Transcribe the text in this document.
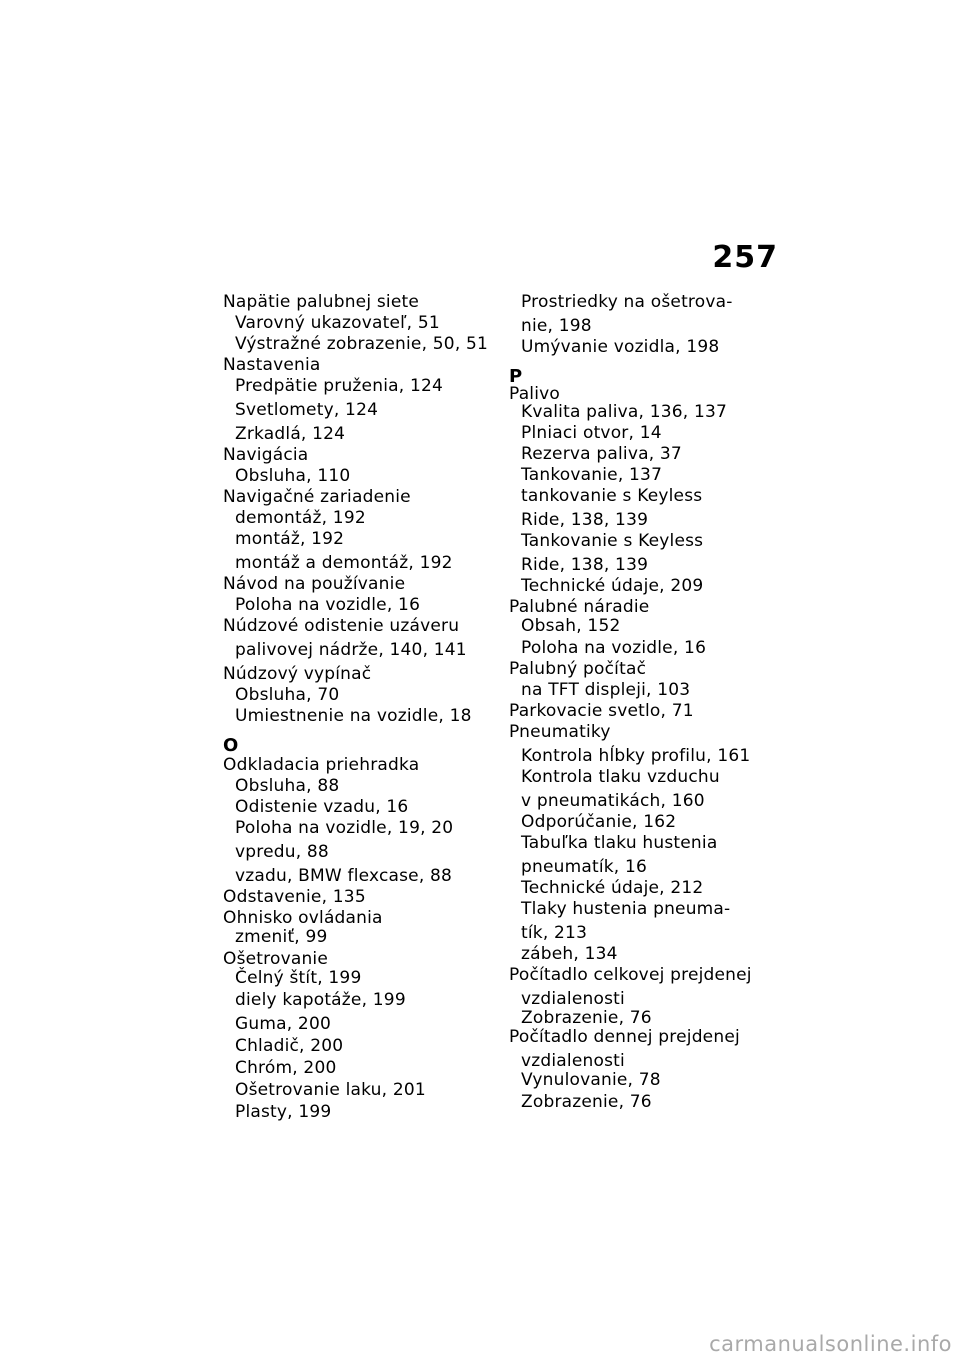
257
Napätie palubnej siete
Varovný ukazovateľ, 51
Výstražné zobrazenie, 50, 51
Nastavenia
Predpätie pruženia, 124
Svetlomety, 124
Zrkadlá, 124
Navigácia
Obsluha, 110
Navigačné zariadenie
demontáž, 192
montáž, 192
montáž a demontáž, 192
Návod na používanie
Poloha na vozidle, 16
Núdzové odistenie uzáveru
palivovej nádrže, 140, 141
Núdzový vypínač
Obsluha, 70
Umiestnenie na vozidle, 18
O
Odkladacia priehradka
Obsluha, 88
Odistenie vzadu, 16
Poloha na vozidle, 19, 20
vpredu, 88
vzadu, BMW flexcase, 88
Odstavenie, 135
Ohnisko ovládania
zmeniť, 99
Ošetrovanie
Čelný štít, 199
diely kapotáže, 199
Guma, 200
Chladič, 200
Chróm, 200
Ošetrovanie laku, 201
Plasty, 199
Prostriedky na ošetrova-
nie, 198
Umývanie vozidla, 198
P
Palivo
Kvalita paliva, 136, 137
Plniaci otvor, 14
Rezerva paliva, 37
Tankovanie, 137
tankovanie s Keyless
Ride, 138, 139
Tankovanie s Keyless
Ride, 138, 139
Technické údaje, 209
Palubné náradie
Obsah, 152
Poloha na vozidle, 16
Palubný počítač
na TFT displeji, 103
Parkovacie svetlo, 71
Pneumatiky
Kontrola hĺbky profilu, 161
Kontrola tlaku vzduchu
v pneumatikách, 160
Odporúčanie, 162
Tabuľka tlaku hustenia
pneumatík, 16
Technické údaje, 212
Tlaky hustenia pneuma-
tík, 213
zábeh, 134
Počítadlo celkovej prejdenej
vzdialenosti
Zobrazenie, 76
Počítadlo dennej prejdenej
vzdialenosti
Vynulovanie, 78
Zobrazenie, 76
carmanualsonline.info
